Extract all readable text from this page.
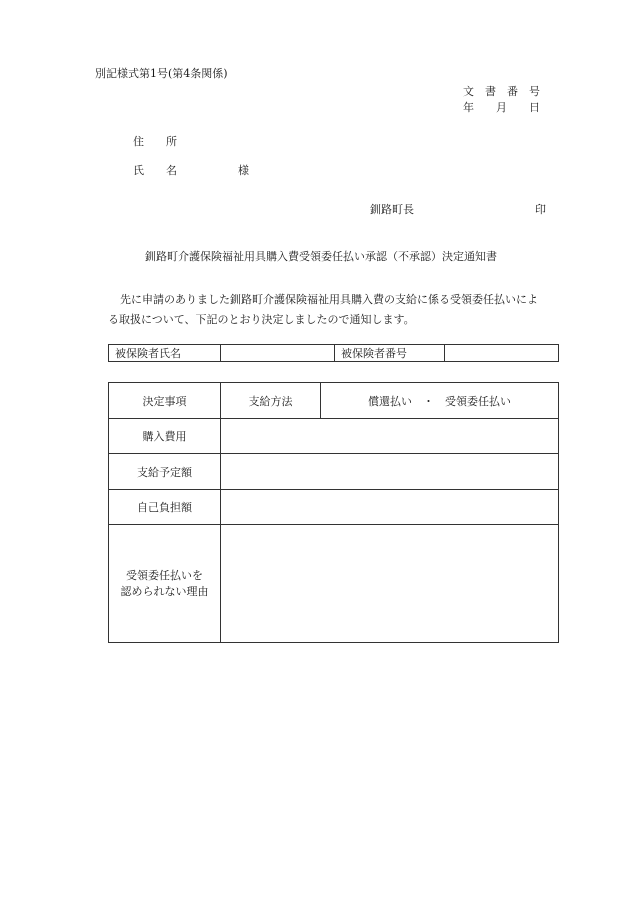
別記様式第1号(第4条関係)
文　書　番　号
年　　月　　日
住　　所
氏　　名	様
釧路町長	印
釧路町介護保険福祉用具購入費受領委任払い承認（不承認）決定通知書
先に申請のありました釧路町介護保険福祉用具購入費の支給に係る受領委任払いによ
る取扱について、下記のとおり決定しましたので通知します。
被保険者氏名		被保険者番号	
決定事項	支給方法	償還払い　・　受領委任払い
購入費用		
支給予定額		
自己負担額		

受領委任払いを
認められない理由		
